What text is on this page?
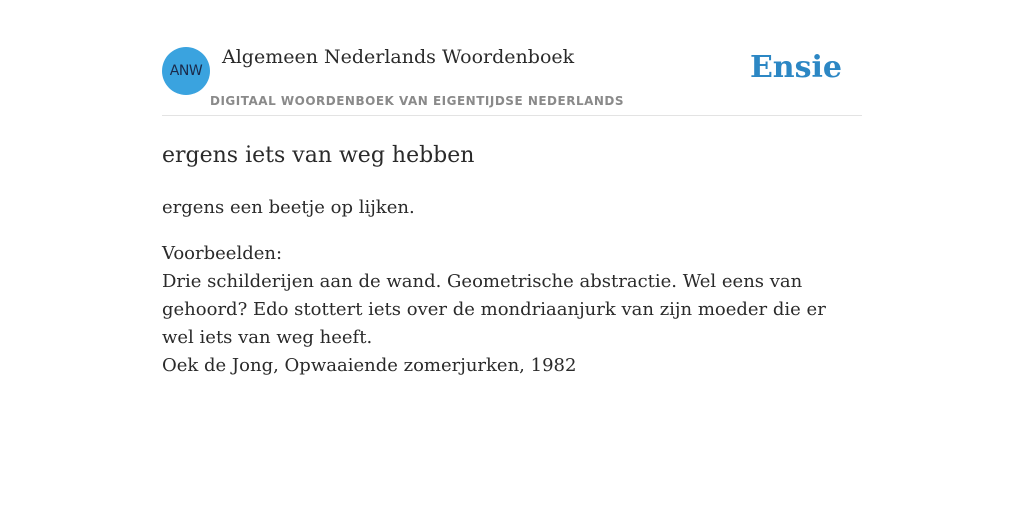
ANW
Algemeen Nederlands Woordenboek
DIGITAAL WOORDENBOEK VAN EIGENTIJDSE NEDERLANDS
Ensie
ergens iets van weg hebben

ergens een beetje op lijken.

Voorbeelden:
Drie schilderijen aan de wand. Geometrische abstractie. Wel eens van gehoord? Edo stottert iets over de mondriaanjurk van zijn moeder die er wel iets van weg heeft.
Oek de Jong, Opwaaiende zomerjurken, 1982
